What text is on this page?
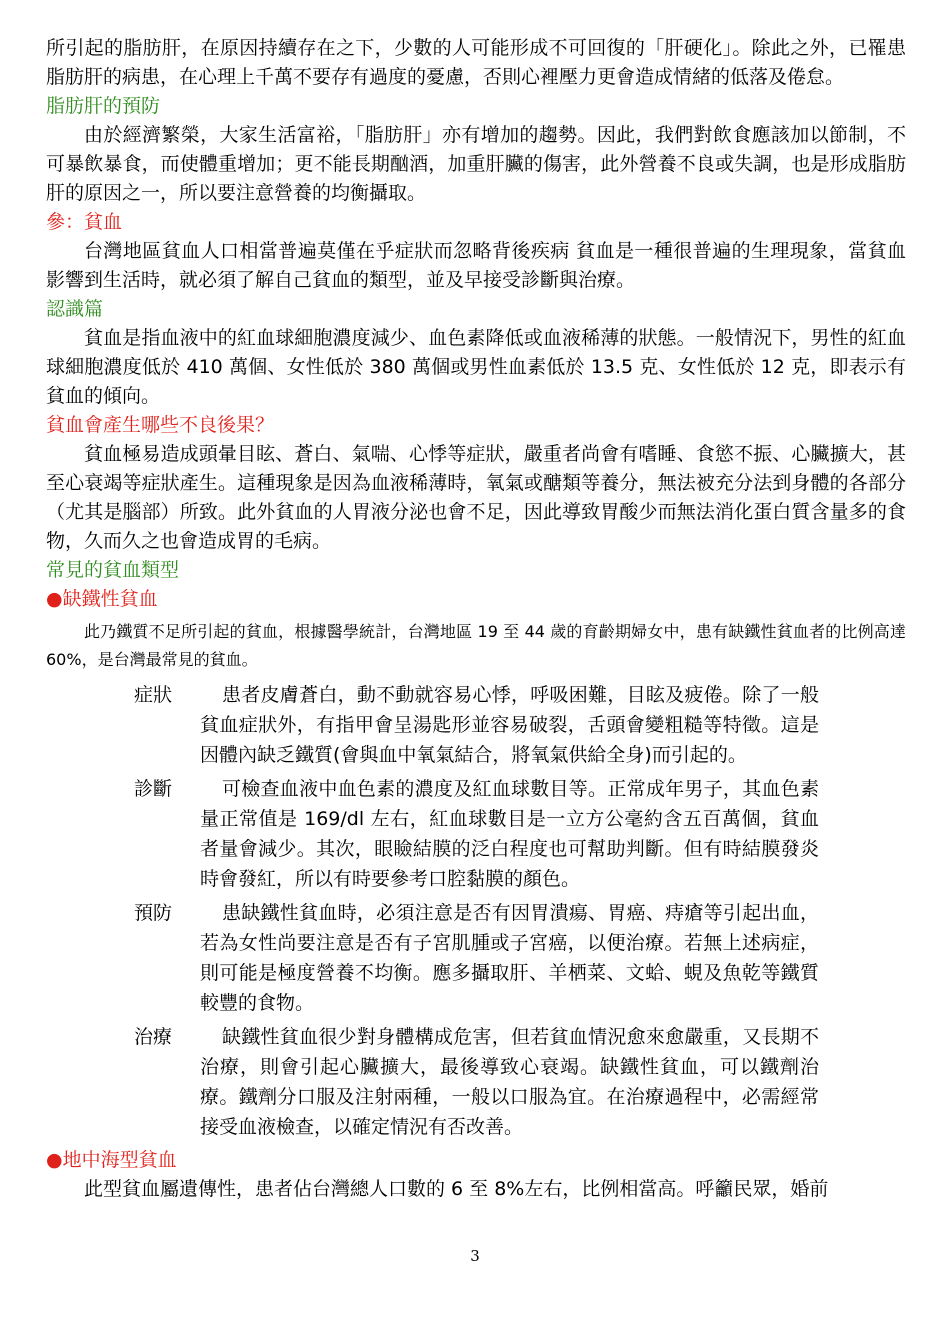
所引起的脂肪肝，在原因持續存在之下，少數的人可能形成不可回復的「肝硬化」。除此之外，已罹患脂肪肝的病患，在心理上千萬不要存有過度的憂慮，否則心裡壓力更會造成情緒的低落及倦怠。

脂肪肝的預防

由於經濟繁榮，大家生活富裕，「脂肪肝」亦有增加的趨勢。因此，我們對飲食應該加以節制，不可暴飲暴食，而使體重增加；更不能長期酗酒，加重肝臟的傷害，此外營養不良或失調，也是形成脂肪肝的原因之一，所以要注意營養的均衡攝取。

參：貧血

台灣地區貧血人口相當普遍莫僅在乎症狀而忽略背後疾病 貧血是一種很普遍的生理現象，當貧血影響到生活時，就必須了解自己貧血的類型，並及早接受診斷與治療。

認識篇

貧血是指血液中的紅血球細胞濃度減少、血色素降低或血液稀薄的狀態。一般情況下，男性的紅血球細胞濃度低於 410 萬個、女性低於 380 萬個或男性血素低於 13.5 克、女性低於 12 克，即表示有貧血的傾向。

貧血會產生哪些不良後果？

貧血極易造成頭暈目眩、蒼白、氣喘、心悸等症狀，嚴重者尚會有嗜睡、食慾不振、心臟擴大，甚至心衰竭等症狀產生。這種現象是因為血液稀薄時，氧氣或醣類等養分，無法被充分法到身體的各部分（尤其是腦部）所致。此外貧血的人胃液分泌也會不足，因此導致胃酸少而無法消化蛋白質含量多的食物，久而久之也會造成胃的毛病。

常見的貧血類型
●缺鐵性貧血

此乃鐵質不足所引起的貧血，根據醫學統計，台灣地區 19 至 44 歲的育齡期婦女中，患有缺鐵性貧血者的比例高達 60%，是台灣最常見的貧血。

症狀	患者皮膚蒼白，動不動就容易心悸，呼吸困難，目眩及疲倦。除了一般貧血症狀外，有指甲會呈湯匙形並容易破裂，舌頭會變粗糙等特徵。這是因體內缺乏鐵質(會與血中氧氣結合，將氧氣供給全身)而引起的。
診斷	可檢查血液中血色素的濃度及紅血球數目等。正常成年男子，其血色素量正常值是 169/dl 左右，紅血球數目是一立方公毫約含五百萬個，貧血者量會減少。其次，眼瞼結膜的泛白程度也可幫助判斷。但有時結膜發炎時會發紅，所以有時要參考口腔黏膜的顏色。
預防	患缺鐵性貧血時，必須注意是否有因胃潰瘍、胃癌、痔瘡等引起出血，若為女性尚要注意是否有子宮肌腫或子宮癌，以便治療。若無上述病症，則可能是極度營養不均衡。應多攝取肝、羊栖菜、文蛤、蜆及魚乾等鐵質較豐的食物。
治療	缺鐵性貧血很少對身體構成危害，但若貧血情況愈來愈嚴重，又長期不治療，則會引起心臟擴大，最後導致心衰竭。缺鐵性貧血，可以鐵劑治療。鐵劑分口服及注射兩種，一般以口服為宜。在治療過程中，必需經常接受血液檢查，以確定情況有否改善。
●地中海型貧血

此型貧血屬遺傳性，患者佔台灣總人口數的 6 至 8%左右，比例相當高。呼籲民眾，婚前

3
